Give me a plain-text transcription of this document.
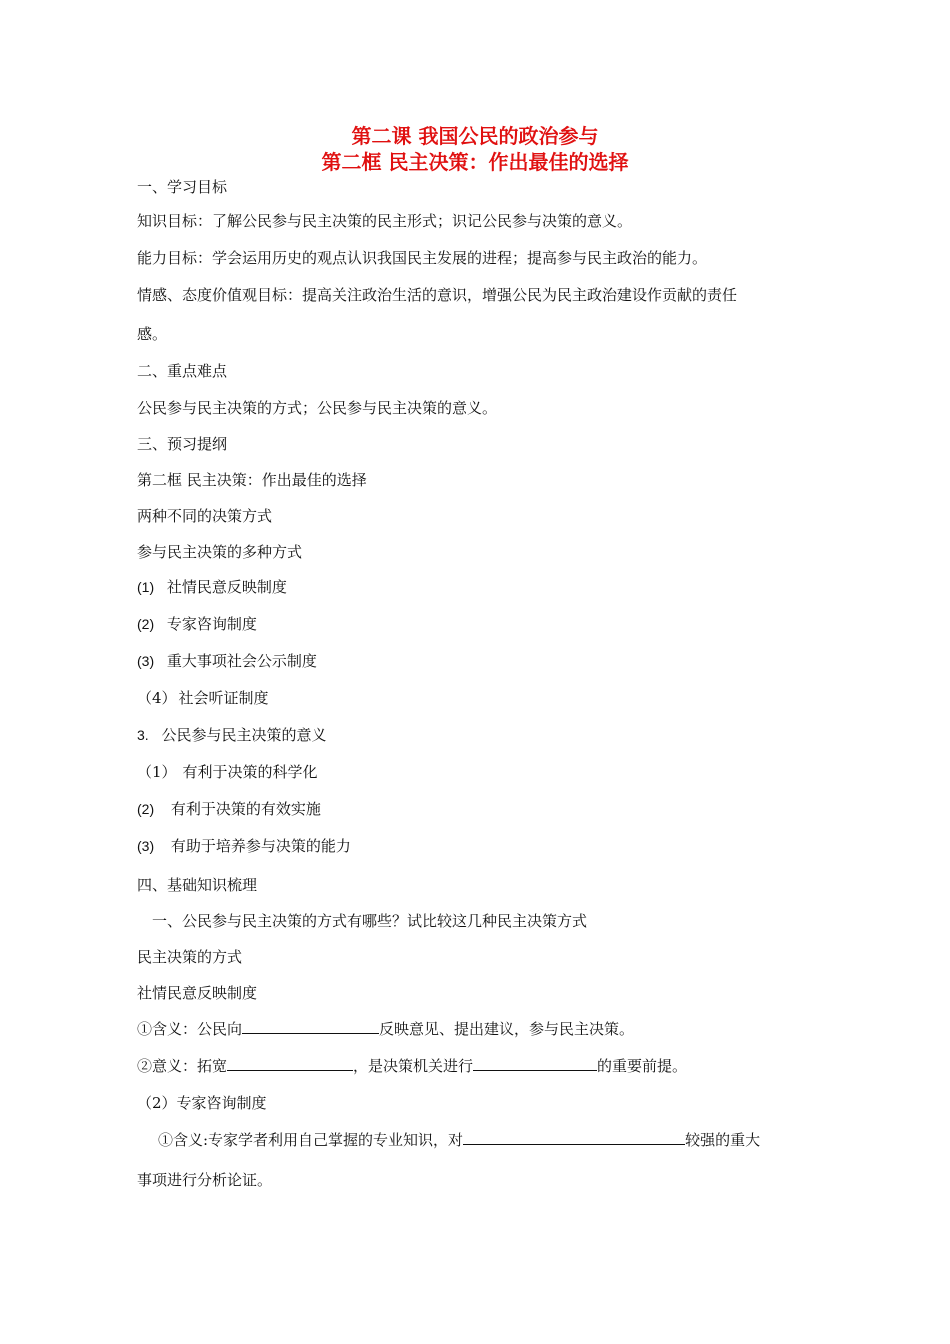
第二课 我国公民的政治参与
第二框 民主决策：作出最佳的选择
一、学习目标
知识目标：了解公民参与民主决策的民主形式；识记公民参与决策的意义。
能力目标：学会运用历史的观点认识我国民主发展的进程；提高参与民主政治的能力。
情感、态度价值观目标：提高关注政治生活的意识，增强公民为民主政治建设作贡献的责任
感。
二、重点难点
公民参与民主决策的方式；公民参与民主决策的意义。
三、预习提纲
第二框 民主决策：作出最佳的选择
两种不同的决策方式
参与民主决策的多种方式
(1) 社情民意反映制度
(2) 专家咨询制度
(3) 重大事项社会公示制度
（4） 社会听证制度
3. 公民参与民主决策的意义
（1） 有利于决策的科学化
(2) 有利于决策的有效实施
(3) 有助于培养参与决策的能力
四、基础知识梳理
一、公民参与民主决策的方式有哪些？试比较这几种民主决策方式
民主决策的方式
社情民意反映制度
①含义：公民向	反映意见、提出建议，参与民主决策。
②意义：拓宽	，是决策机关进行	的重要前提。
（2）专家咨询制度
①含义:专家学者利用自己掌握的专业知识，对	较强的重大
事项进行分析论证。
